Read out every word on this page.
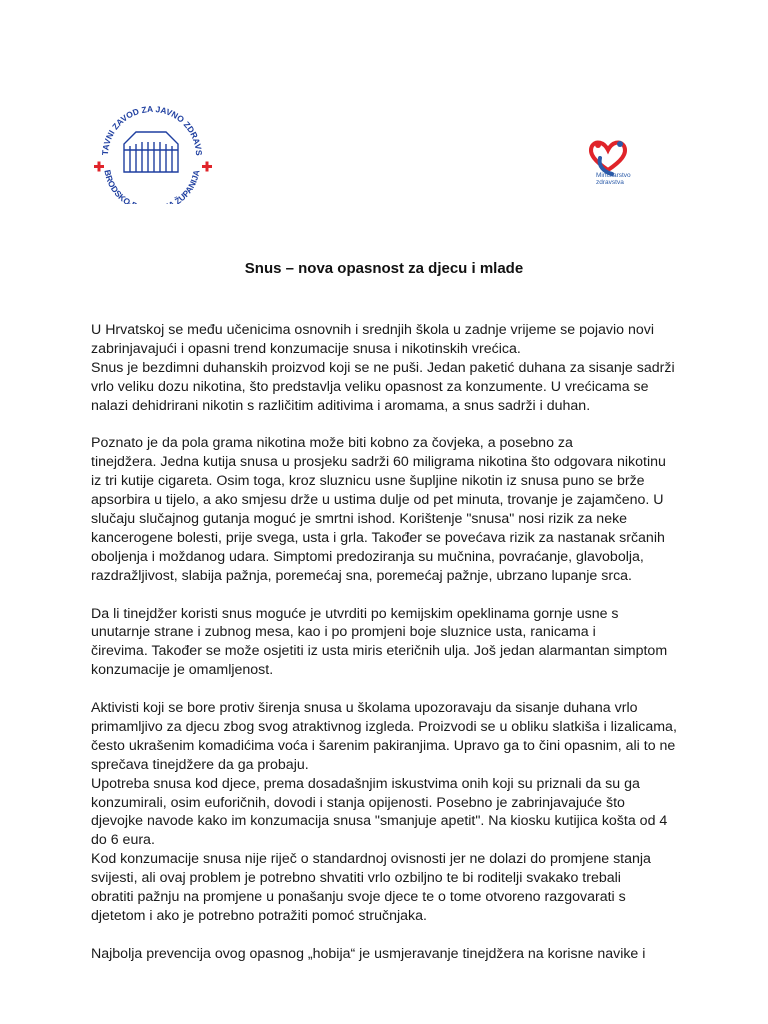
TAVNI ZAVOD ZA JAVNO ZDRAVS
BRODSKO- ŽUPANIJA	Ministarstvo
zdravstva
Snus – nova opasnost za djecu i mlade
U Hrvatskoj se među učenicima osnovnih i srednjih škola u zadnje vrijeme se pojavio novi
zabrinjavajući i opasni trend konzumacije snusa i nikotinskih vrećica.
Snus je bezdimni duhanskih proizvod koji se ne puši. Jedan paketić duhana za sisanje sadrži
vrlo veliku dozu nikotina, što predstavlja veliku opasnost za konzumente. U vrećicama se
nalazi dehidrirani nikotin s različitim aditivima i aromama, a snus sadrži i duhan.
Poznato je da pola grama nikotina može biti kobno za čovjeka, a posebno za
tinejdžera. Jedna kutija snusa u prosjeku sadrži 60 miligrama nikotina što odgovara nikotinu
iz tri kutije cigareta. Osim toga, kroz sluznicu usne šupljine nikotin iz snusa puno se brže
apsorbira u tijelo, a ako smjesu drže u ustima dulje od pet minuta, trovanje je zajamčeno. U
slučaju slučajnog gutanja moguć je smrtni ishod. Korištenje "snusa" nosi rizik za neke
kancerogene bolesti, prije svega, usta i grla. Također se povećava rizik za nastanak srčanih
oboljenja i moždanog udara. Simptomi predoziranja su mučnina, povraćanje, glavobolja,
razdražljivost, slabija pažnja, poremećaj sna, poremećaj pažnje, ubrzano lupanje srca.
Da li tinejdžer koristi snus moguće je utvrditi po kemijskim opeklinama gornje usne s
unutarnje strane i zubnog mesa, kao i po promjeni boje sluznice usta, ranicama i
čirevima. Također se može osjetiti iz usta miris eteričnih ulja. Još jedan alarmantan simptom
konzumacije je omamljenost.
Aktivisti koji se bore protiv širenja snusa u školama upozoravaju da sisanje duhana vrlo
primamljivo za djecu zbog svog atraktivnog izgleda. Proizvodi se u obliku slatkiša i lizalicama,
često ukrašenim komadićima voća i šarenim pakiranjima. Upravo ga to čini opasnim, ali to ne
sprečava tinejdžere da ga probaju.
Upotreba snusa kod djece, prema dosadašnjim iskustvima onih koji su priznali da su ga
konzumirali, osim euforičnih, dovodi i stanja opijenosti. Posebno je zabrinjavajuće što
djevojke navode kako im konzumacija snusa "smanjuje apetit". Na kiosku kutijica košta od 4
do 6 eura.
Kod konzumacije snusa nije riječ o standardnoj ovisnosti jer ne dolazi do promjene stanja
svijesti, ali ovaj problem je potrebno shvatiti vrlo ozbiljno te bi roditelji svakako trebali
obratiti pažnju na promjene u ponašanju svoje djece te o tome otvoreno razgovarati s
djetetom i ako je potrebno potražiti pomoć stručnjaka.
Najbolja prevencija ovog opasnog „hobija“ je usmjeravanje tinejdžera na korisne navike i
